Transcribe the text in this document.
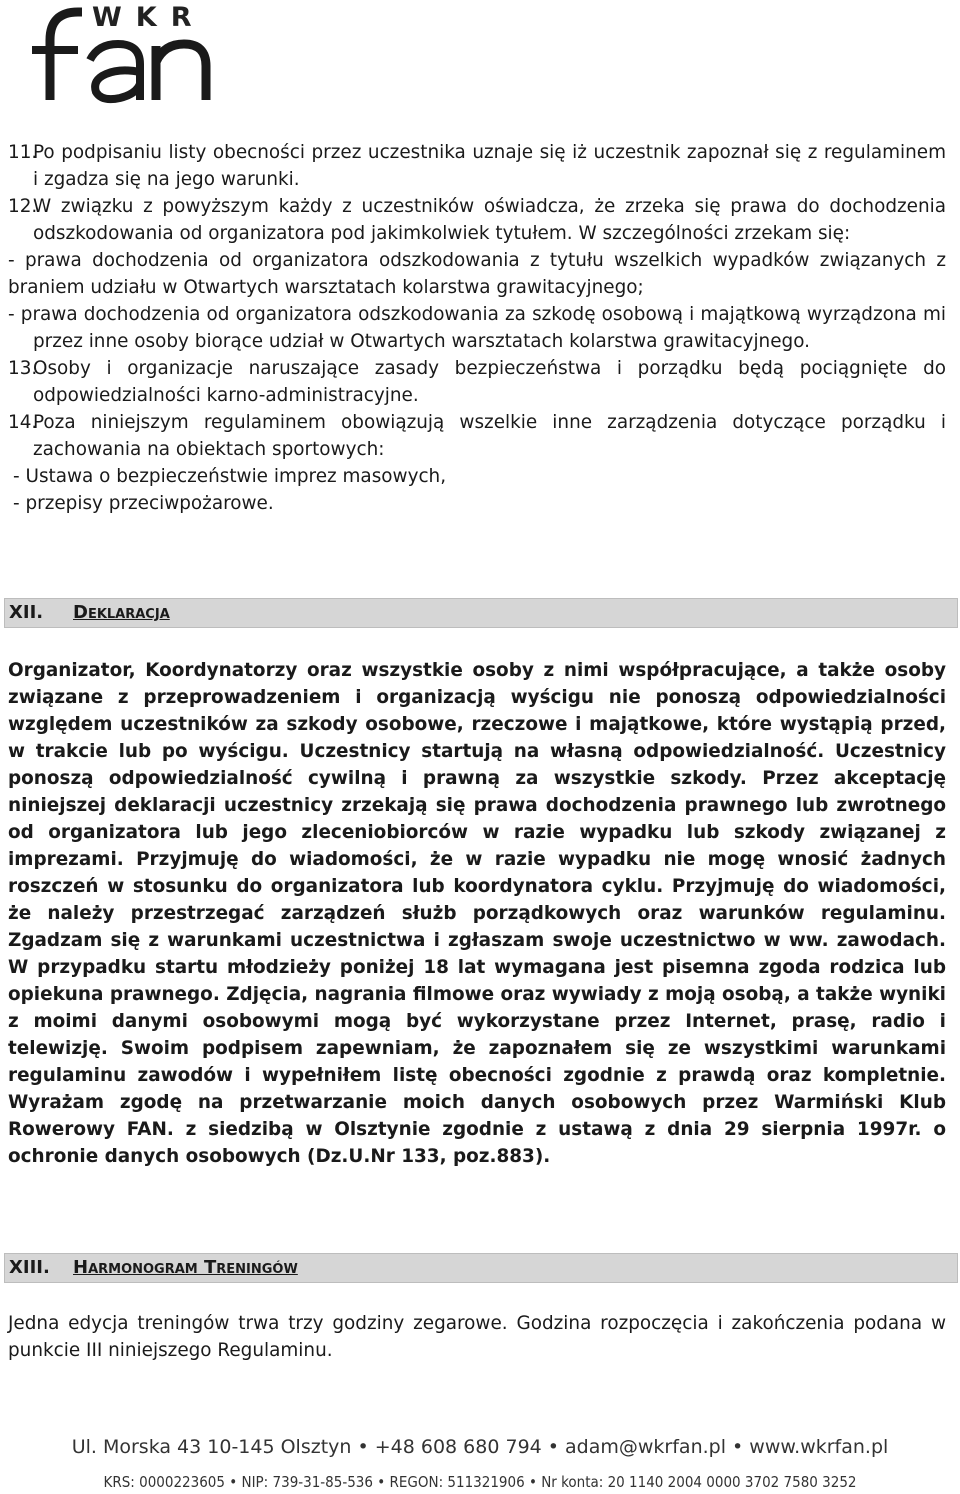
WKR
11.
Po podpisaniu listy obecności przez uczestnika uznaje się iż uczestnik zapoznał się z regulaminem i zgadza się na jego warunki.
12.
W związku z powyższym każdy z uczestników oświadcza, że zrzeka się prawa do dochodzenia odszkodowania od organizatora pod jakimkolwiek tytułem. W szczególności zrzekam się:

- prawa dochodzenia od organizatora odszkodowania z tytułu wszelkich wypadków związanych z braniem udziału w Otwartych warsztatach kolarstwa grawitacyjnego;

- prawa dochodzenia od organizatora odszkodowania za szkodę osobową i majątkową wyrządzona mi przez inne osoby biorące udział w Otwartych warsztatach kolarstwa grawitacyjnego.

13.
Osoby i organizacje naruszające zasady bezpieczeństwa i porządku będą pociągnięte do odpowiedzialności karno-administracyjne.
14.
Poza niniejszym regulaminem obowiązują wszelkie inne zarządzenia dotyczące porządku i zachowania na obiektach sportowych:

- Ustawa o bezpieczeństwie imprez masowych,

- przepisy przeciwpożarowe.

XII. Deklaracja
Organizator, Koordynatorzy oraz wszystkie osoby z nimi współpracujące, a także osoby związane z przeprowadzeniem i organizacją wyścigu nie ponoszą odpowiedzialności względem uczestników za szkody osobowe, rzeczowe i majątkowe, które wystąpią przed, w trakcie lub po wyścigu. Uczestnicy startują na własną odpowiedzialność. Uczestnicy ponoszą odpowiedzialność cywilną i prawną za wszystkie szkody. Przez akceptację niniejszej deklaracji uczestnicy zrzekają się prawa dochodzenia prawnego lub zwrotnego od organizatora lub jego zleceniobiorców w razie wypadku lub szkody związanej z imprezami. Przyjmuję do wiadomości, że w razie wypadku nie mogę wnosić żadnych roszczeń w stosunku do organizatora lub koordynatora cyklu. Przyjmuję do wiadomości, że należy przestrzegać zarządzeń służb porządkowych oraz warunków regulaminu. Zgadzam się z warunkami uczestnictwa i zgłaszam swoje uczestnictwo w ww. zawodach. W przypadku startu młodzieży poniżej 18 lat wymagana jest pisemna zgoda rodzica lub opiekuna prawnego. Zdjęcia, nagrania filmowe oraz wywiady z moją osobą, a także wyniki z moimi danymi osobowymi mogą być wykorzystane przez Internet, prasę, radio i telewizję. Swoim podpisem zapewniam, że zapoznałem się ze wszystkimi warunkami regulaminu zawodów i wypełniłem listę obecności zgodnie z prawdą oraz kompletnie. Wyrażam zgodę na przetwarzanie moich danych osobowych przez Warmiński Klub Rowerowy FAN. z siedzibą w Olsztynie zgodnie z ustawą z dnia 29 sierpnia 1997r. o ochronie danych osobowych (Dz.U.Nr 133, poz.883).
XIII. Harmonogram Treningów
Jedna edycja treningów trwa trzy godziny zegarowe. Godzina rozpoczęcia i zakończenia podana w punkcie III niniejszego Regulaminu.
Ul. Morska 43 10-145 Olsztyn • +48 608 680 794 • adam@wkrfan.pl • www.wkrfan.pl
KRS: 0000223605 • NIP: 739-31-85-536 • REGON: 511321906 • Nr konta: 20 1140 2004 0000 3702 7580 3252
